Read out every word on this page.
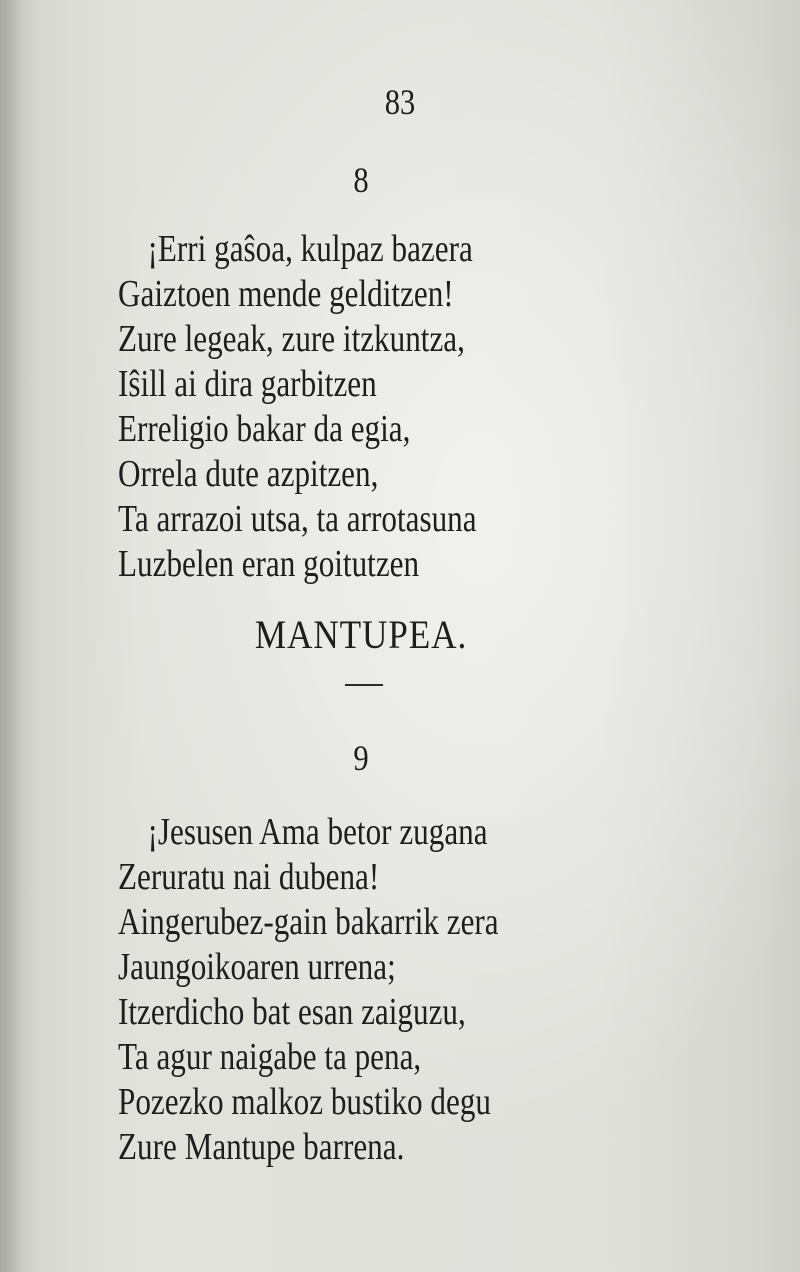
83
8
¡Erri gaŝoa, kulpaz bazera
Gaiztoen mende gelditzen!
Zure legeak, zure itzkuntza,
Iŝill ai dira garbitzen
Erreligio bakar da egia,
Orrela dute azpitzen,
Ta arrazoi utsa, ta arrotasuna
Luzbelen eran goitutzen
MANTUPEA.
9
¡Jesusen Ama betor zugana
Zeruratu nai dubena!
Aingerubez-gain bakarrik zera
Jaungoikoaren urrena;
Itzerdicho bat esan zaiguzu,
Ta agur naigabe ta pena,
Pozezko malkoz bustiko degu
Zure Mantupe barrena.
